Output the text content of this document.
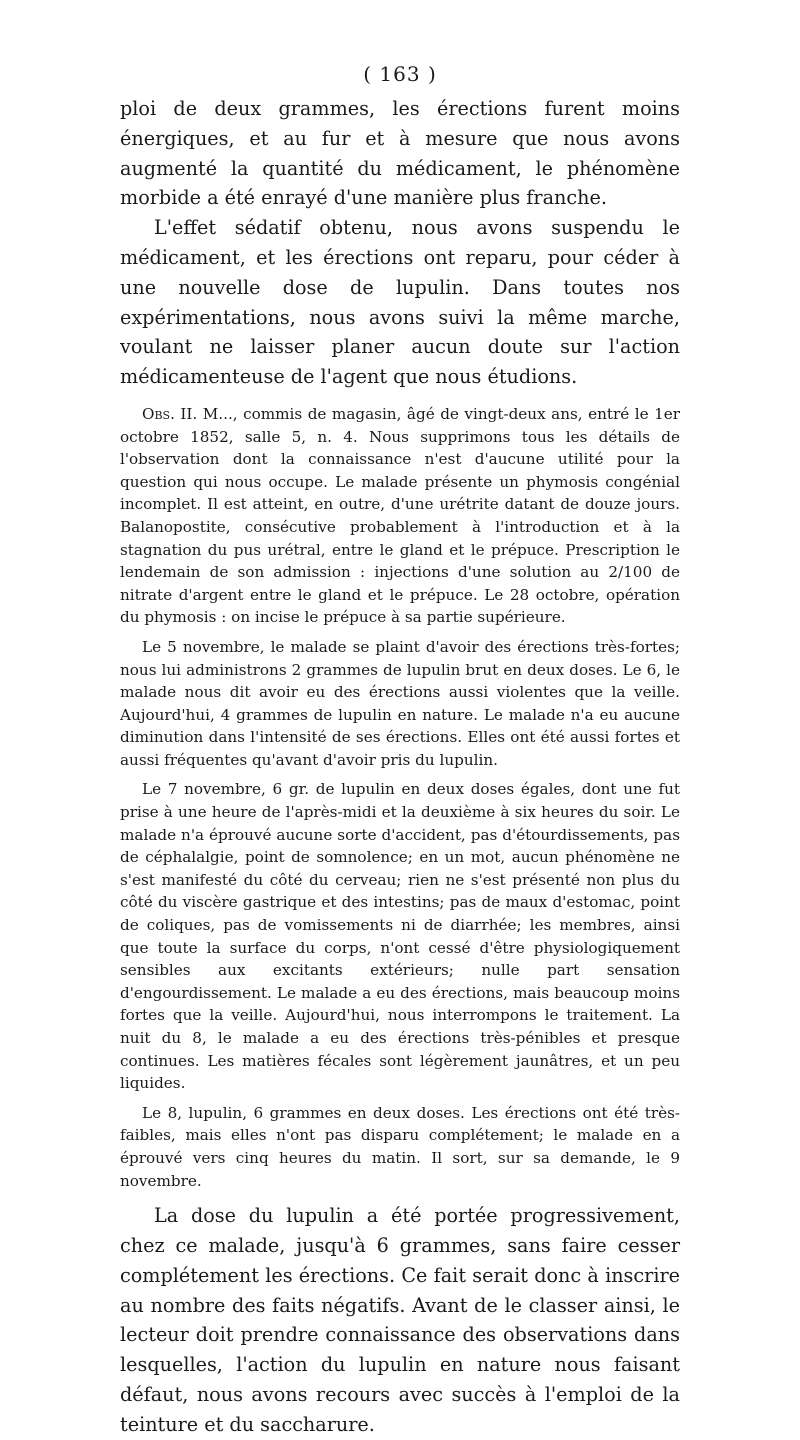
( 163 )

ploi de deux grammes, les érections furent moins énergiques, et au fur et à mesure que nous avons augmenté la quantité du médicament, le phénomène morbide a été enrayé d'une manière plus franche.

L'effet sédatif obtenu, nous avons suspendu le médicament, et les érections ont reparu, pour céder à une nouvelle dose de lupulin. Dans toutes nos expérimentations, nous avons suivi la même marche, voulant ne laisser planer aucun doute sur l'action médicamenteuse de l'agent que nous étudions.

Obs. II. M..., commis de magasin, âgé de vingt-deux ans, entré le 1er octobre 1852, salle 5, n. 4. Nous supprimons tous les détails de l'observation dont la connaissance n'est d'aucune utilité pour la question qui nous occupe. Le malade présente un phymosis congénial incomplet. Il est atteint, en outre, d'une urétrite datant de douze jours. Balanopostite, consécutive probablement à l'introduction et à la stagnation du pus urétral, entre le gland et le prépuce. Prescription le lendemain de son admission : injections d'une solution au 2/100 de nitrate d'argent entre le gland et le prépuce. Le 28 octobre, opération du phymosis : on incise le prépuce à sa partie supérieure.

Le 5 novembre, le malade se plaint d'avoir des érections très-fortes; nous lui administrons 2 grammes de lupulin brut en deux doses. Le 6, le malade nous dit avoir eu des érections aussi violentes que la veille. Aujourd'hui, 4 grammes de lupulin en nature. Le malade n'a eu aucune diminution dans l'intensité de ses érections. Elles ont été aussi fortes et aussi fréquentes qu'avant d'avoir pris du lupulin.

Le 7 novembre, 6 gr. de lupulin en deux doses égales, dont une fut prise à une heure de l'après-midi et la deuxième à six heures du soir. Le malade n'a éprouvé aucune sorte d'accident, pas d'étourdissements, pas de céphalalgie, point de somnolence; en un mot, aucun phénomène ne s'est manifesté du côté du cerveau; rien ne s'est présenté non plus du côté du viscère gastrique et des intestins; pas de maux d'estomac, point de coliques, pas de vomissements ni de diarrhée; les membres, ainsi que toute la surface du corps, n'ont cessé d'être physiologiquement sensibles aux excitants extérieurs; nulle part sensation d'engourdissement. Le malade a eu des érections, mais beaucoup moins fortes que la veille. Aujourd'hui, nous interrompons le traitement. La nuit du 8, le malade a eu des érections très-pénibles et presque continues. Les matières fécales sont légèrement jaunâtres, et un peu liquides.

Le 8, lupulin, 6 grammes en deux doses. Les érections ont été très-faibles, mais elles n'ont pas disparu complétement; le malade en a éprouvé vers cinq heures du matin. Il sort, sur sa demande, le 9 novembre.

La dose du lupulin a été portée progressivement, chez ce malade, jusqu'à 6 grammes, sans faire cesser complétement les érections. Ce fait serait donc à inscrire au nombre des faits négatifs. Avant de le classer ainsi, le lecteur doit prendre connaissance des observations dans lesquelles, l'action du lupulin en nature nous faisant défaut, nous avons recours avec succès à l'emploi de la teinture et du saccharure.
